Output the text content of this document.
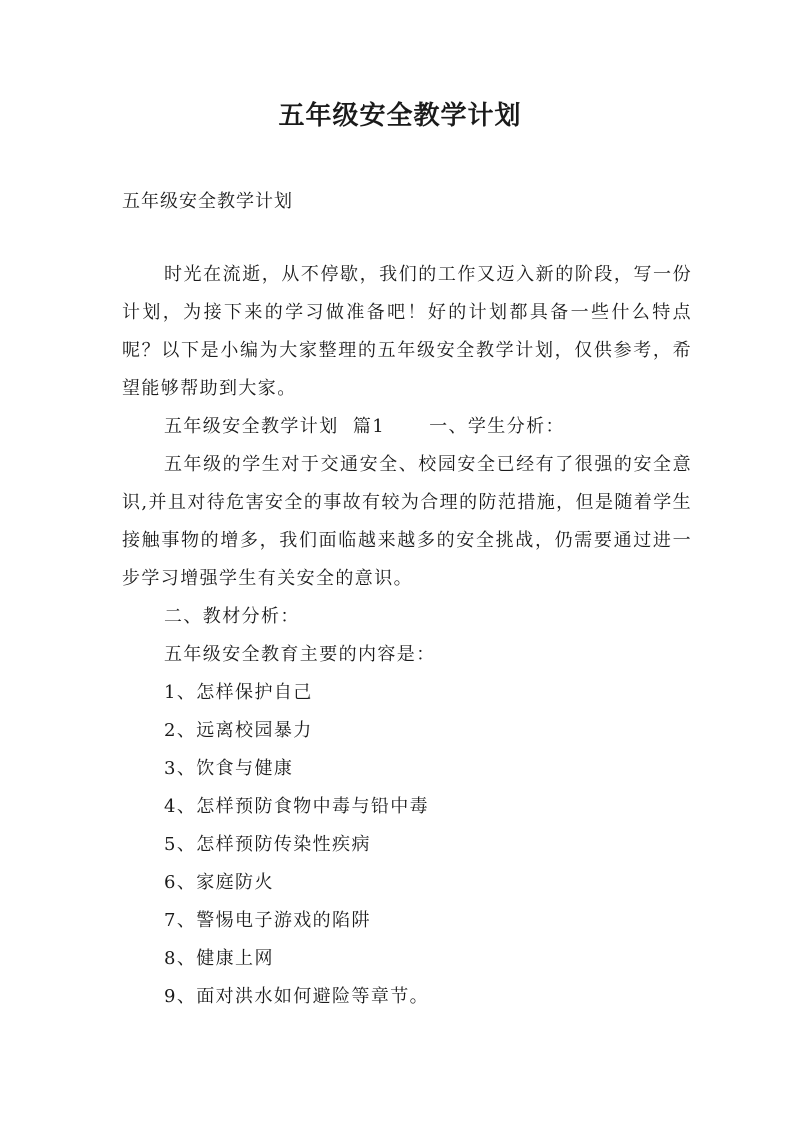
五年级安全教学计划
五年级安全教学计划

时光在流逝，从不停歇，我们的工作又迈入新的阶段，写一份计划，为接下来的学习做准备吧！好的计划都具备一些什么特点呢？以下是小编为大家整理的五年级安全教学计划，仅供参考，希望能够帮助到大家。

五年级安全教学计划  篇1 一、学生分析：

五年级的学生对于交通安全、校园安全已经有了很强的安全意识,并且对待危害安全的事故有较为合理的防范措施，但是随着学生接触事物的增多，我们面临越来越多的安全挑战，仍需要通过进一步学习增强学生有关安全的意识。

二、教材分析：

五年级安全教育主要的内容是：

1、怎样保护自己

2、远离校园暴力

3、饮食与健康

4、怎样预防食物中毒与铅中毒

5、怎样预防传染性疾病

6、家庭防火

7、警惕电子游戏的陷阱

8、健康上网

9、面对洪水如何避险等章节。
